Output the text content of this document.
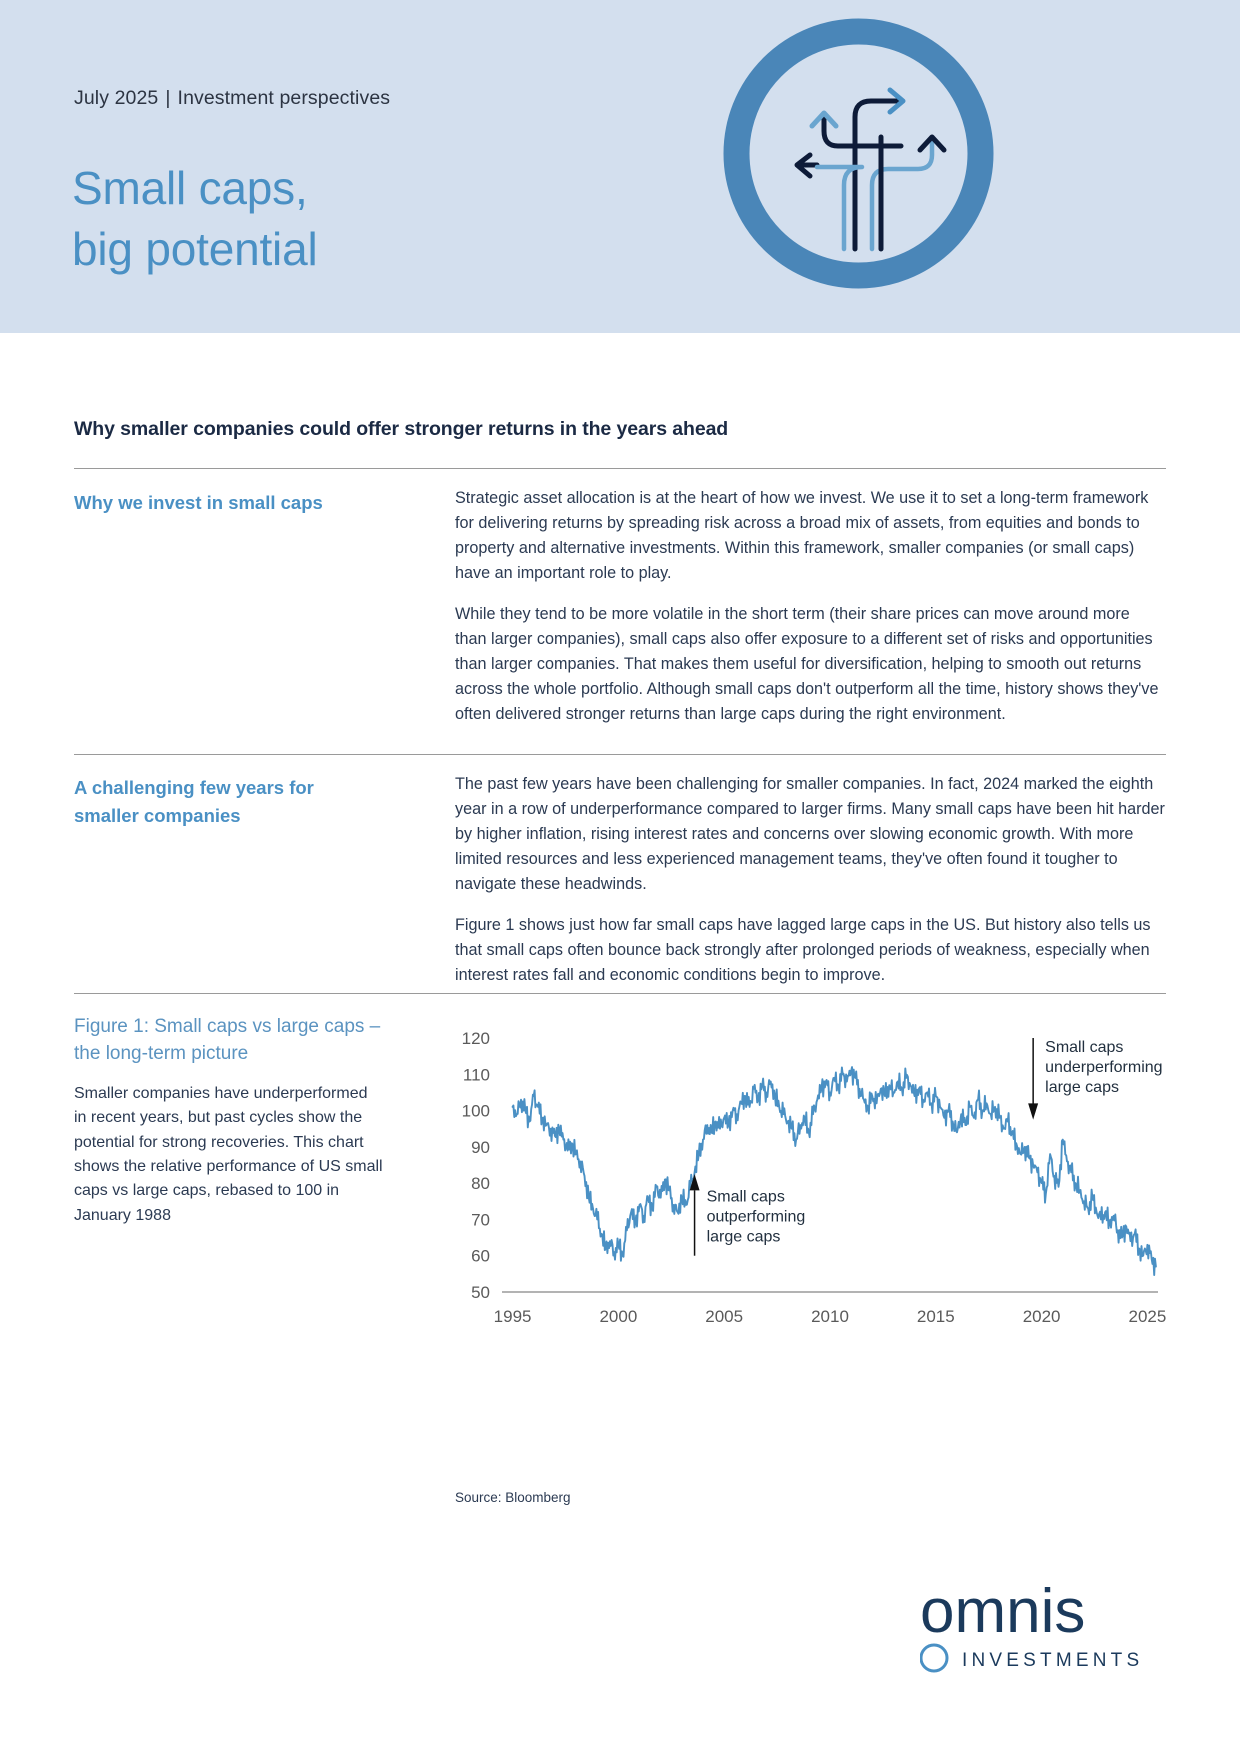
July 2025 | Investment perspectives
Small caps,
big potential
Why smaller companies could offer stronger returns in the years ahead
Why we invest in small caps	Strategic asset allocation is at the heart of how we invest. We use it to set a long-term framework for delivering returns by spreading risk across a broad mix of assets, from equities and bonds to property and alternative investments. Within this framework, smaller companies (or small caps) have an important role to play.

While they tend to be more volatile in the short term (their share prices can move around more than larger companies), small caps also offer exposure to a different set of risks and opportunities than larger companies. That makes them useful for diversification, helping to smooth out returns across the whole portfolio. Although small caps don't outperform all the time, history shows they've often delivered stronger returns than large caps during the right environment.

A challenging few years for smaller companies

The past few years have been challenging for smaller companies. In fact, 2024 marked the eighth year in a row of underperformance compared to larger firms. Many small caps have been hit harder by higher inflation, rising interest rates and concerns over slowing economic growth. With more limited resources and less experienced management teams, they've often found it tougher to navigate these headwinds.

Figure 1 shows just how far small caps have lagged large caps in the US. But history also tells us that small caps often bounce back strongly after prolonged periods of weakness, especially when interest rates fall and economic conditions begin to improve.

Figure 1: Small caps vs large caps – the long-term picture
Smaller companies have underperformed in recent years, but past cycles show the potential for strong recoveries. This chart shows the relative performance of US small caps vs large caps, rebased to 100 in January 1988
50
60
70
80
90
100
110
120
1995	2000	2005	2010	2015	2020	2025
Small caps
outperforming
large caps
Small caps
underperforming
large caps
Source: Bloomberg
omnis
INVESTMENTS
